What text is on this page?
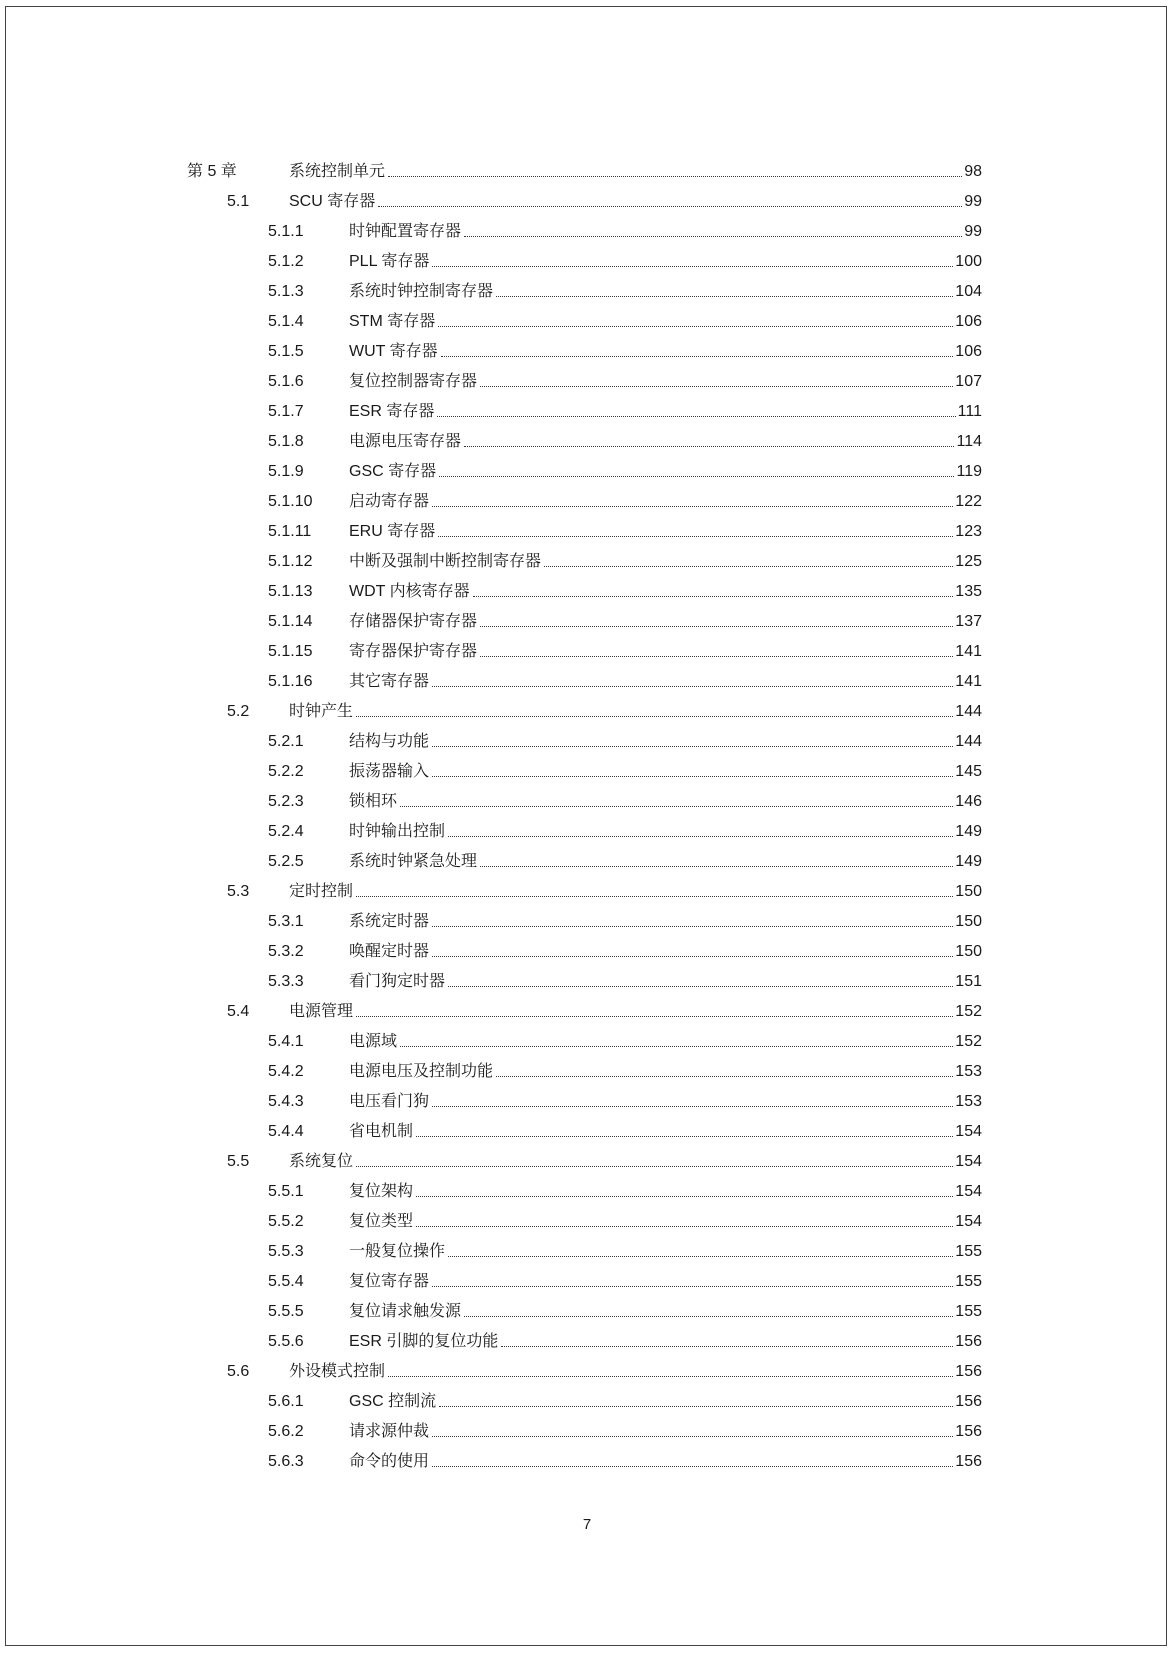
第 5 章	系统控制单元	98
5.1 SCU 寄存器	99
5.1.1	时钟配置寄存器	99
5.1.2	PLL 寄存器	100
5.1.3	系统时钟控制寄存器	104
5.1.4	STM 寄存器	106
5.1.5	WUT 寄存器	106
5.1.6	复位控制器寄存器	107
5.1.7	ESR 寄存器	111
5.1.8	电源电压寄存器	114
5.1.9	GSC 寄存器	119
5.1.10 启动寄存器	122
5.1.11 ERU 寄存器	123
5.1.12 中断及强制中断控制寄存器	125
5.1.13 WDT 内核寄存器	135
5.1.14 存储器保护寄存器	137
5.1.15 寄存器保护寄存器	141
5.1.16 其它寄存器	141
5.2 时钟产生	144
5.2.1	结构与功能	144
5.2.2	振荡器输入	145
5.2.3	锁相环	146
5.2.4	时钟输出控制	149
5.2.5	系统时钟紧急处理	149
5.3 定时控制	150
5.3.1	系统定时器	150
5.3.2	唤醒定时器	150
5.3.3	看门狗定时器	151
5.4 电源管理	152
5.4.1	电源域	152
5.4.2	电源电压及控制功能	153
5.4.3	电压看门狗	153
5.4.4	省电机制	154
5.5 系统复位	154
5.5.1	复位架构	154
5.5.2	复位类型	154
5.5.3	一般复位操作	155
5.5.4	复位寄存器	155
5.5.5	复位请求触发源	155
5.5.6	ESR 引脚的复位功能	156
5.6 外设模式控制	156
5.6.1	GSC 控制流	156
5.6.2	请求源仲裁	156
5.6.3	命令的使用	156
7
